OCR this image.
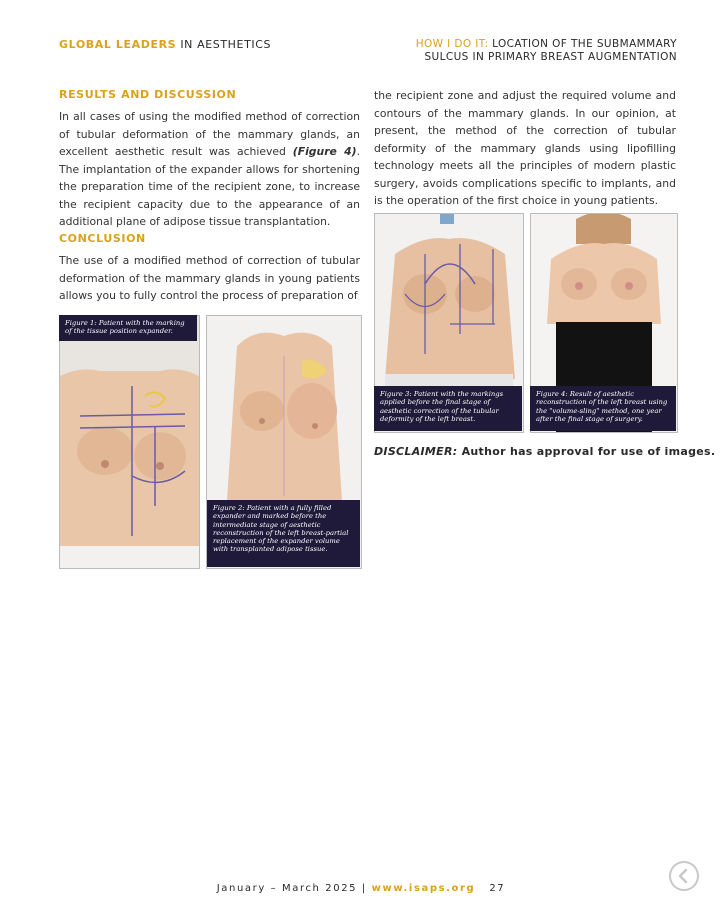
GLOBAL LEADERS IN AESTHETICS	HOW I DO IT: LOCATION OF THE SUBMAMMARY
SULCUS IN PRIMARY BREAST AUGMENTATION
RESULTS AND DISCUSSION
In all cases of using the modified method of correction of tubular deformation of the mammary glands, an excellent aesthetic result was achieved (Figure 4). The implantation of the expander allows for shortening the preparation time of the recipient zone, to increase the recipient capacity due to the appearance of an additional plane of adipose tissue transplantation.
CONCLUSION
The use of a modified method of correction of tubular deformation of the mammary glands in young patients allows you to fully control the process of preparation of
the recipient zone and adjust the required volume and contours of the mammary glands. In our opinion, at present, the method of the correction of tubular deformity of the mammary glands using lipofilling technology meets all the principles of modern plastic surgery, avoids complications specific to implants, and is the operation of the first choice in young patients.
Figure 1: Patient with the marking of the tissue position expander.
Figure 2: Patient with a fully filled expander and marked before the intermediate stage of aesthetic reconstruction of the left breast-partial replacement of the expander volume with transplanted adipose tissue.
Figure 3: Patient with the markings applied before the final stage of aesthetic correction of the tubular deformity of the left breast.
Figure 4: Result of aesthetic reconstruction of the left breast using the "volume-sling" method, one year after the final stage of surgery.
DISCLAIMER: Author has approval for use of images.
January – March 2025 | www.isaps.org 27
